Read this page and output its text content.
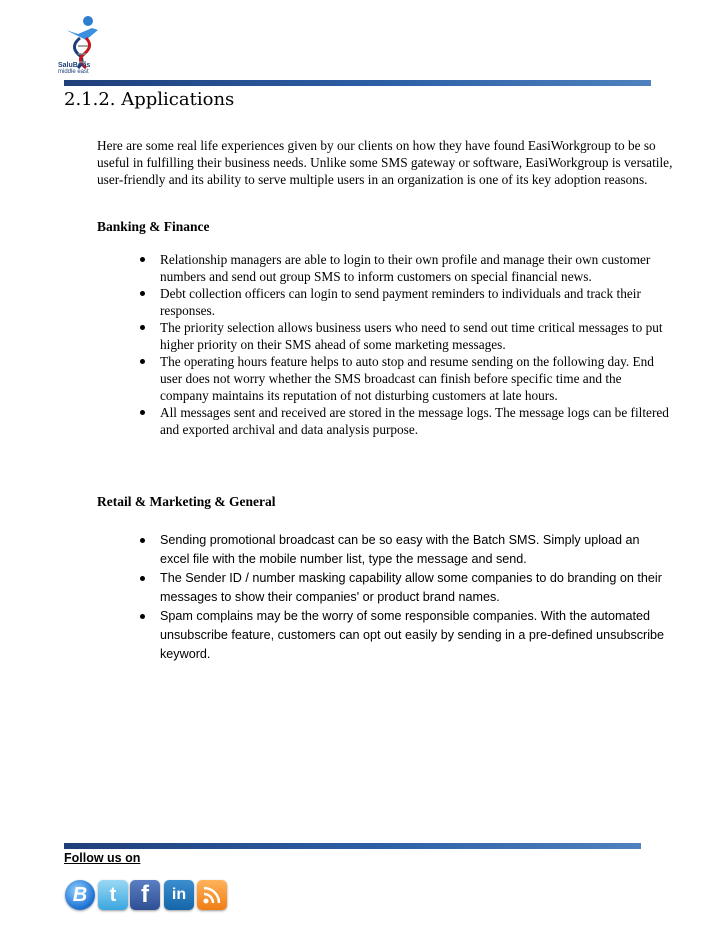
SaluBons
middle east
2.1.2. Applications

Here are some real life experiences given by our clients on how they have found EasiWorkgroup to be so useful in fulfilling their business needs. Unlike some SMS gateway or software, EasiWorkgroup is versatile, user-friendly and its ability to serve multiple users in an organization is one of its key adoption reasons.

Banking & Finance

Relationship managers are able to login to their own profile and manage their own customer numbers and send out group SMS to inform customers on special financial news.
Debt collection officers can login to send payment reminders to individuals and track their responses.
The priority selection allows business users who need to send out time critical messages to put higher priority on their SMS ahead of some marketing messages.
The operating hours feature helps to auto stop and resume sending on the following day. End user does not worry whether the SMS broadcast can finish before specific time and the company maintains its reputation of not disturbing customers at late hours.
All messages sent and received are stored in the message logs. The message logs can be filtered and exported archival and data analysis purpose.

Retail & Marketing & General

Sending promotional broadcast can be so easy with the Batch SMS. Simply upload an excel file with the mobile number list, type the message and send.
The Sender ID / number masking capability allow some companies to do branding on their messages to show their companies' or product brand names.
Spam complains may be the worry of some responsible companies. With the automated unsubscribe feature, customers can opt out easily by sending in a pre-defined unsubscribe keyword.

Follow us on

B	t	f	in
